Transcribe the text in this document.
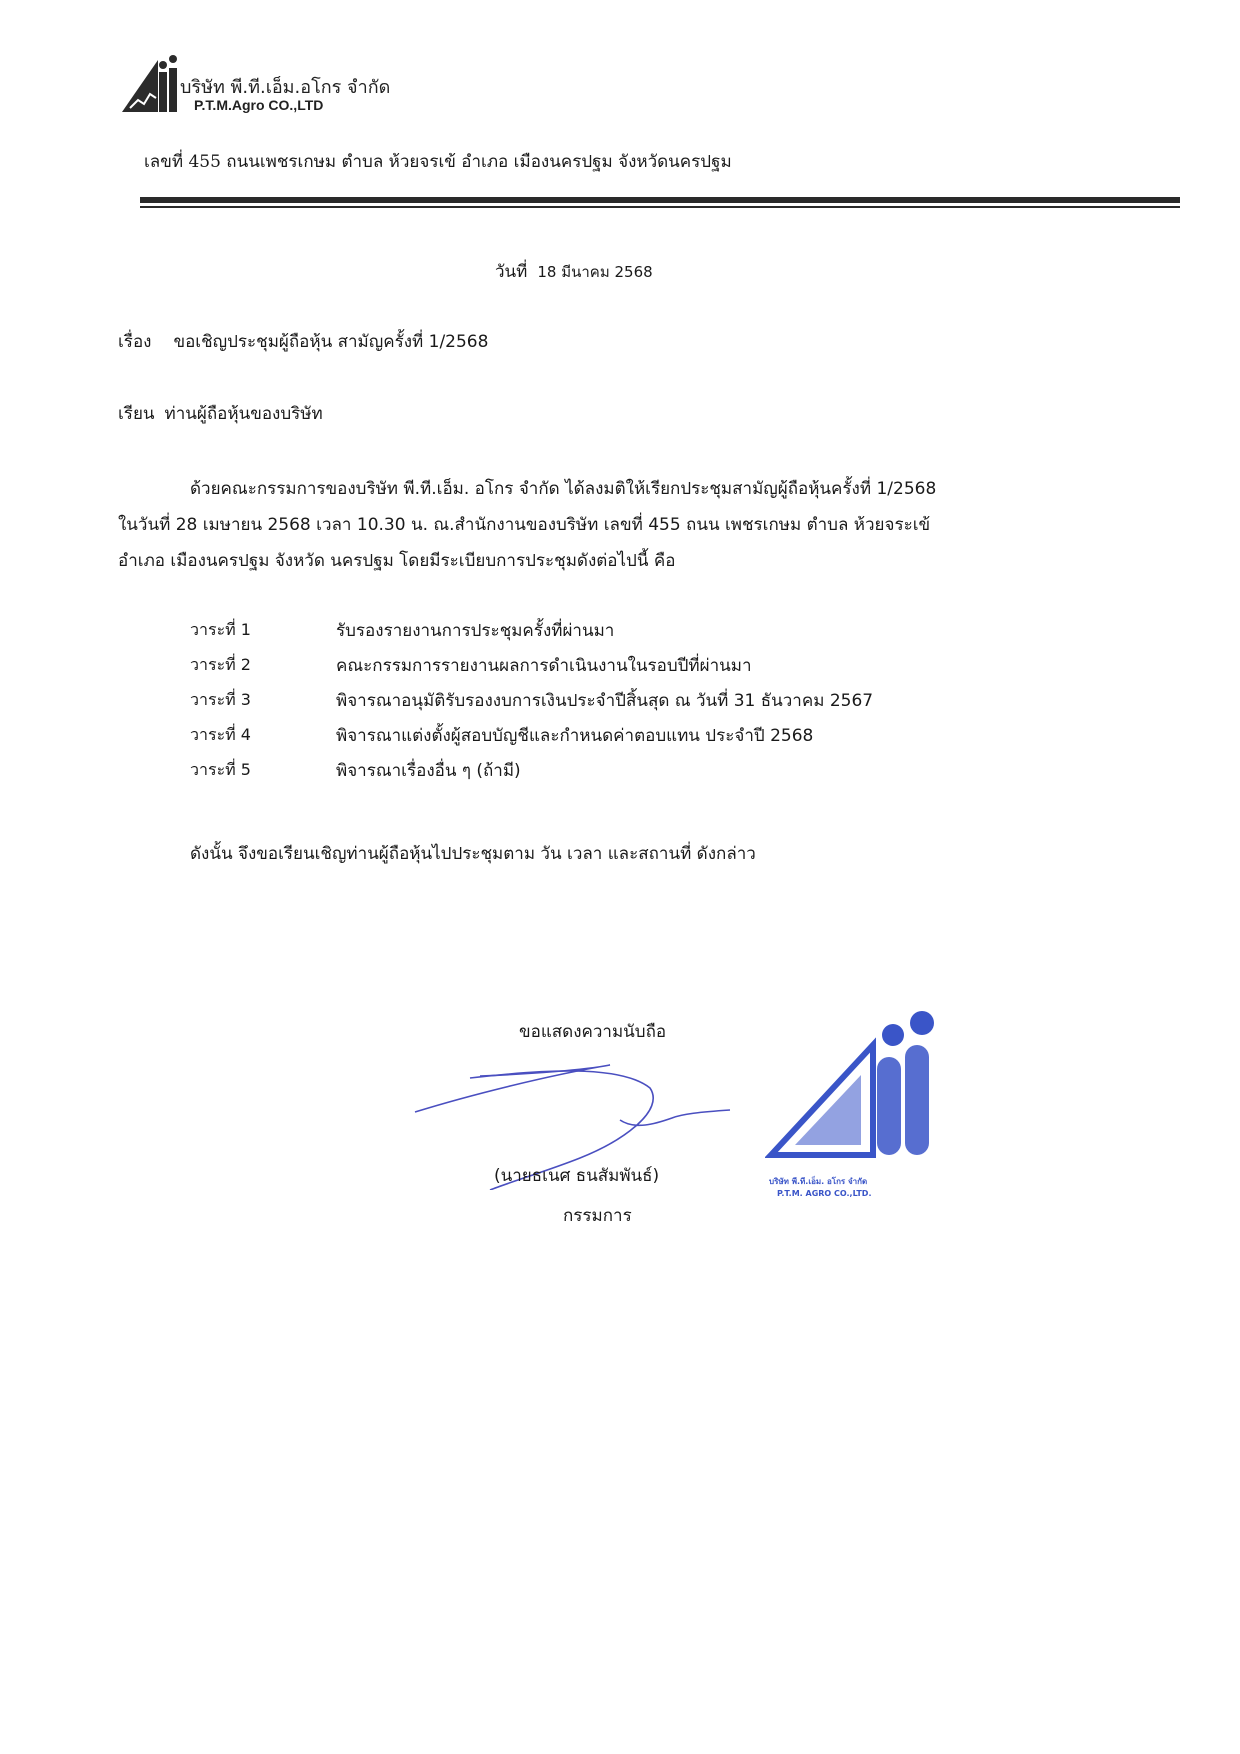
บริษัท พี.ที.เอ็ม.อโกร จำกัด
P.T.M.Agro CO.,LTD
เลขที่ 455 ถนนเพชรเกษม ตำบล ห้วยจรเข้ อำเภอ เมืองนครปฐม จังหวัดนครปฐม
วันที่ 18 มีนาคม 2568
เรื่อง ขอเชิญประชุมผู้ถือหุ้น สามัญครั้งที่ 1/2568
เรียน ท่านผู้ถือหุ้นของบริษัท
ด้วยคณะกรรมการของบริษัท พี.ที.เอ็ม. อโกร จำกัด ได้ลงมติให้เรียกประชุมสามัญผู้ถือหุ้นครั้งที่ 1/2568
ในวันที่ 28 เมษายน 2568 เวลา 10.30 น. ณ.สำนักงานของบริษัท เลขที่ 455 ถนน เพชรเกษม ตำบล ห้วยจระเข้
อำเภอ เมืองนครปฐม จังหวัด นครปฐม โดยมีระเบียบการประชุมดังต่อไปนี้ คือ
วาระที่ 1	รับรองรายงานการประชุมครั้งที่ผ่านมา
วาระที่ 2	คณะกรรมการรายงานผลการดำเนินงานในรอบปีที่ผ่านมา
วาระที่ 3	พิจารณาอนุมัติรับรองงบการเงินประจำปีสิ้นสุด ณ วันที่ 31 ธันวาคม 2567
วาระที่ 4	พิจารณาแต่งตั้งผู้สอบบัญชีและกำหนดค่าตอบแทน ประจำปี 2568
วาระที่ 5	พิจารณาเรื่องอื่น ๆ (ถ้ามี)
ดังนั้น จึงขอเรียนเชิญท่านผู้ถือหุ้นไปประชุมตาม วัน เวลา และสถานที่ ดังกล่าว
ขอแสดงความนับถือ
(นายธเนศ ธนสัมพันธ์)
กรรมการ
บริษัท พี.ที.เอ็ม. อโกร จำกัด
P.T.M. AGRO CO.,LTD.
